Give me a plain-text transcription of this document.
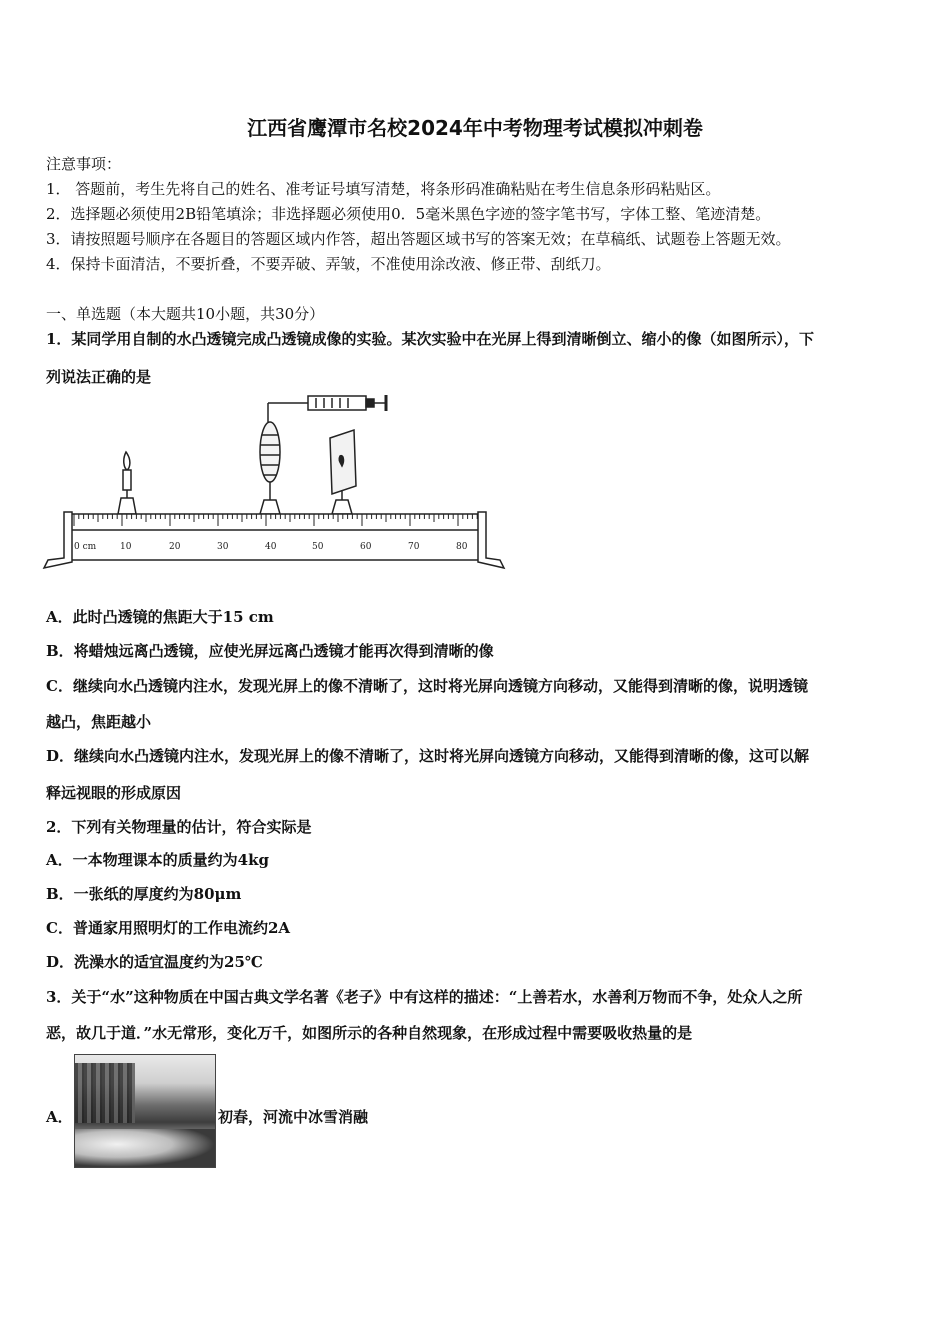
江西省鹰潭市名校2024年中考物理考试模拟冲刺卷
注意事项：
1． 答题前，考生先将自己的姓名、准考证号填写清楚，将条形码准确粘贴在考生信息条形码粘贴区。
2．选择题必须使用2B铅笔填涂；非选择题必须使用0．5毫米黑色字迹的签字笔书写，字体工整、笔迹清楚。
3．请按照题号顺序在各题目的答题区域内作答，超出答题区域书写的答案无效；在草稿纸、试题卷上答题无效。
4．保持卡面清洁，不要折叠，不要弄破、弄皱，不准使用涂改液、修正带、刮纸刀。
一、单选题（本大题共10小题，共30分）
1．某同学用自制的水凸透镜完成凸透镜成像的实验。某次实验中在光屏上得到清晰倒立、缩小的像（如图所示），下
列说法正确的是
0 cm	10	20	30	40	50	60	70	80
A．此时凸透镜的焦距大于15 cm
B．将蜡烛远离凸透镜，应使光屏远离凸透镜才能再次得到清晰的像
C．继续向水凸透镜内注水，发现光屏上的像不清晰了，这时将光屏向透镜方向移动，又能得到清晰的像，说明透镜
越凸，焦距越小
D．继续向水凸透镜内注水，发现光屏上的像不清晰了，这时将光屏向透镜方向移动，又能得到清晰的像，这可以解
释远视眼的形成原因
2．下列有关物理量的估计，符合实际是
A．一本物理课本的质量约为4kg
B．一张纸的厚度约为80μm
C．普通家用照明灯的工作电流约2A
D．洗澡水的适宜温度约为25℃
3．关于“水”这种物质在中国古典文学名著《老子》中有这样的描述：“上善若水，水善利万物而不争，处众人之所
恶，故几于道．”水无常形，变化万千，如图所示的各种自然现象，在形成过程中需要吸收热量的是
A．	初春，河流中冰雪消融
